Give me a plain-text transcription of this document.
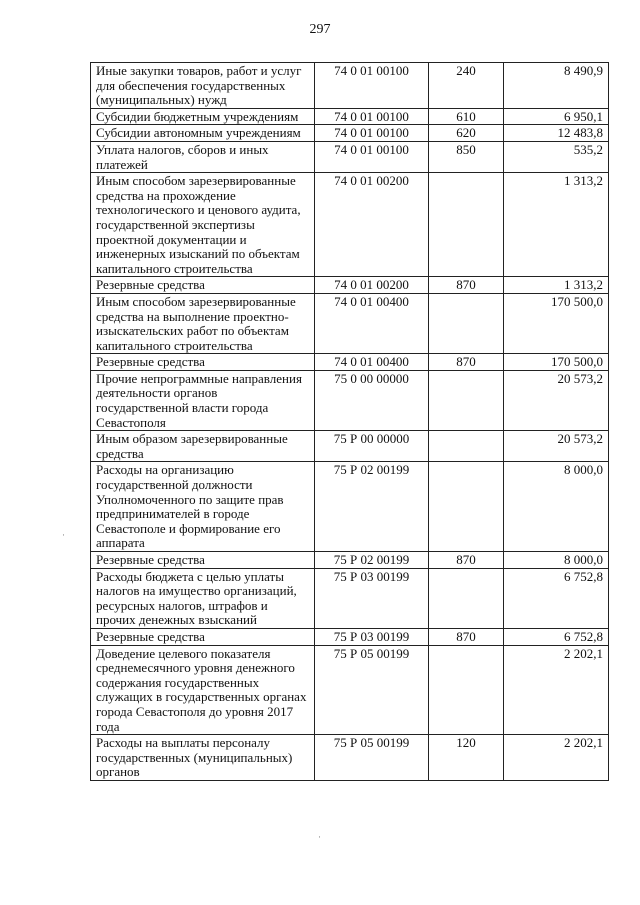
297
Иные закупки товаров, работ и услуг для обеспечения государственных (муниципальных) нужд	74 0 01 00100	240	8 490,9
Субсидии бюджетным учреждениям	74 0 01 00100	610	6 950,1
Субсидии автономным учреждениям	74 0 01 00100	620	12 483,8
Уплата налогов, сборов и иных платежей	74 0 01 00100	850	535,2
Иным способом зарезервированные средства на прохождение технологического и ценового аудита, государственной экспертизы проектной документации и инженерных изысканий по объектам капитального строительства	74 0 01 00200		1 313,2
Резервные средства	74 0 01 00200	870	1 313,2
Иным способом зарезервированные средства на выполнение проектно-изыскательских работ по объектам капитального строительства	74 0 01 00400		170 500,0
Резервные средства	74 0 01 00400	870	170 500,0
Прочие непрограммные направления деятельности органов государственной власти города Севастополя	75 0 00 00000		20 573,2
Иным образом зарезервированные средства	75 Р 00 00000		20 573,2
Расходы на организацию государственной должности Уполномоченного по защите прав предпринимателей в городе Севастополе и формирование его аппарата	75 Р 02 00199		8 000,0
Резервные средства	75 Р 02 00199	870	8 000,0
Расходы бюджета с целью уплаты налогов на имущество организаций, ресурсных налогов, штрафов и прочих денежных взысканий	75 Р 03 00199		6 752,8
Резервные средства	75 Р 03 00199	870	6 752,8
Доведение целевого показателя среднемесячного уровня денежного содержания государственных служащих в государственных органах города Севастополя до уровня 2017 года	75 Р 05 00199		2 202,1
Расходы на выплаты персоналу государственных (муниципальных) органов	75 Р 05 00199	120	2 202,1
·
·
